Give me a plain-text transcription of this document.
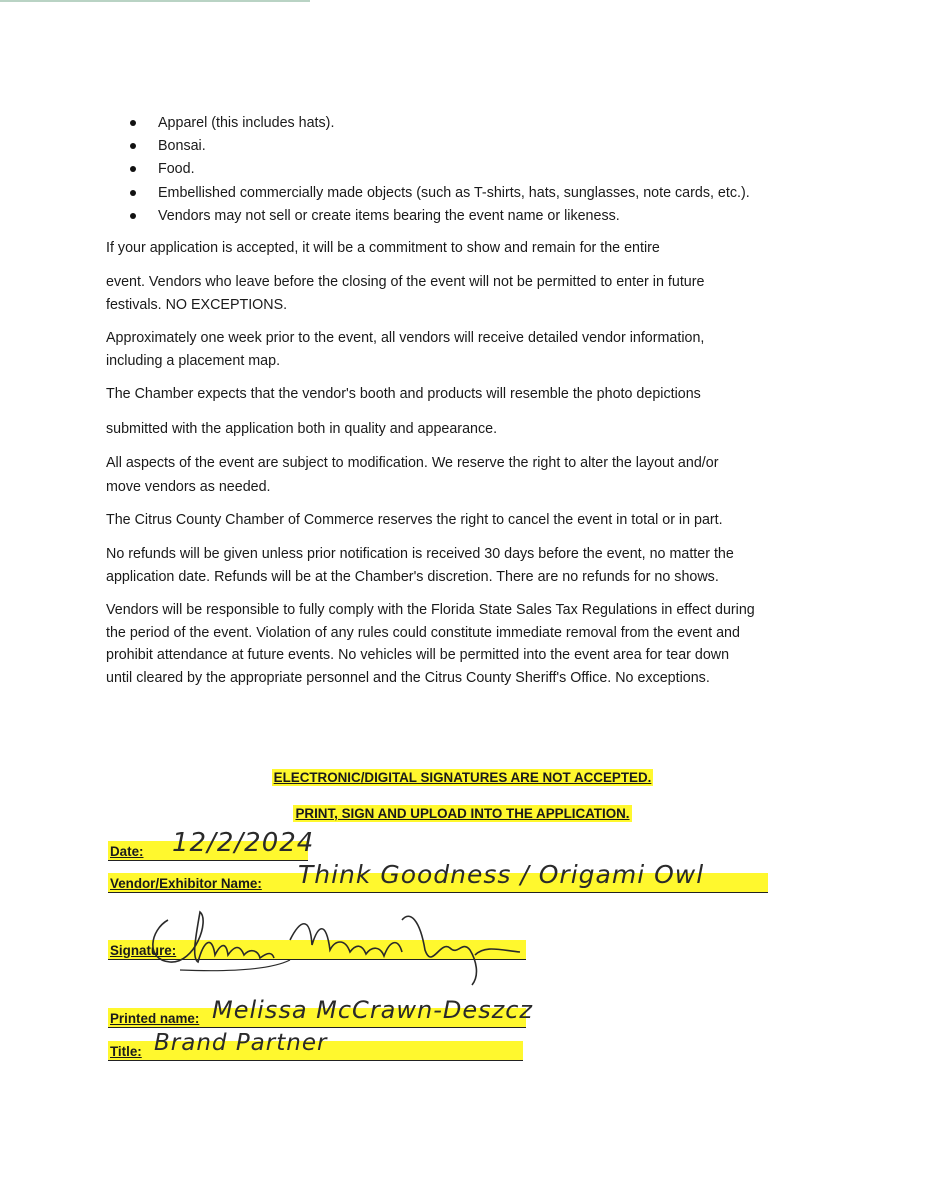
Apparel (this includes hats).
Bonsai.
Food.
Embellished commercially made objects (such as T-shirts, hats, sunglasses, note cards, etc.).
Vendors may not sell or create items bearing the event name or likeness.

If your application is accepted, it will be a commitment to show and remain for the entire

event. Vendors who leave before the closing of the event will not be permitted to enter in future

festivals. NO EXCEPTIONS.

Approximately one week prior to the event, all vendors will receive detailed vendor information,

including a placement map.

The Chamber expects that the vendor's booth and products will resemble the photo depictions

submitted with the application both in quality and appearance.

All aspects of the event are subject to modification. We reserve the right to alter the layout and/or

move vendors as needed.

The Citrus County Chamber of Commerce reserves the right to cancel the event in total or in part.

No refunds will be given unless prior notification is received 30 days before the event, no matter the

application date. Refunds will be at the Chamber's discretion. There are no refunds for no shows.

Vendors will be responsible to fully comply with the Florida State Sales Tax Regulations in effect during

the period of the event. Violation of any rules could constitute immediate removal from the event and

prohibit attendance at future events. No vehicles will be permitted into the event area for tear down

until cleared by the appropriate personnel and the Citrus County Sheriff's Office. No exceptions.

ELECTRONIC/DIGITAL SIGNATURES ARE NOT ACCEPTED.
PRINT, SIGN AND UPLOAD INTO THE APPLICATION.
Date: 12/2/2024
Vendor/Exhibitor Name: Think Goodness / Origami Owl
Signature:
Printed name: Melissa McCrawn-Deszcz
Title: Brand Partner
